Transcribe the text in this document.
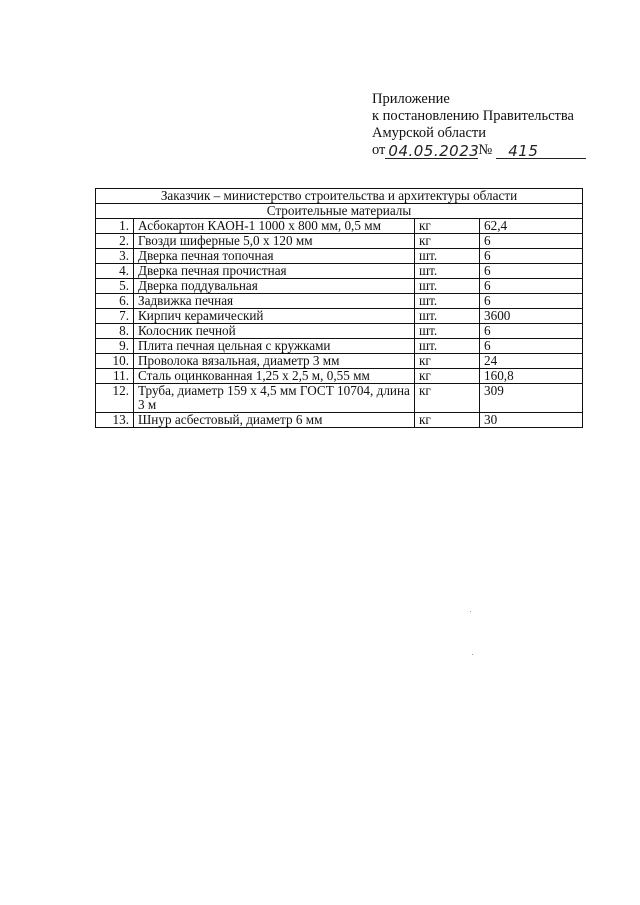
Приложение
к постановлению Правительства
Амурской области
от 04.05.2023 №	415
Заказчик – министерство строительства и архитектуры области			
Строительные материалы			
1.	Асбокартон КАОН-1 1000 х 800 мм, 0,5 мм	кг	62,4
2.	Гвозди шиферные 5,0 х 120 мм	кг	6
3.	Дверка печная топочная	шт.	6
4.	Дверка печная прочистная	шт.	6
5.	Дверка поддувальная	шт.	6
6.	Задвижка печная	шт.	6
7.	Кирпич керамический	шт.	3600
8.	Колосник печной	шт.	6
9.	Плита печная цельная с кружками	шт.	6
10.	Проволока вязальная, диаметр 3 мм	кг	24
11.	Сталь оцинкованная 1,25 х 2,5 м, 0,55 мм	кг	160,8
12.	Труба, диаметр 159 х 4,5 мм ГОСТ 10704, длина 3 м	кг	309
13.	Шнур асбестовый, диаметр 6 мм	кг	30
